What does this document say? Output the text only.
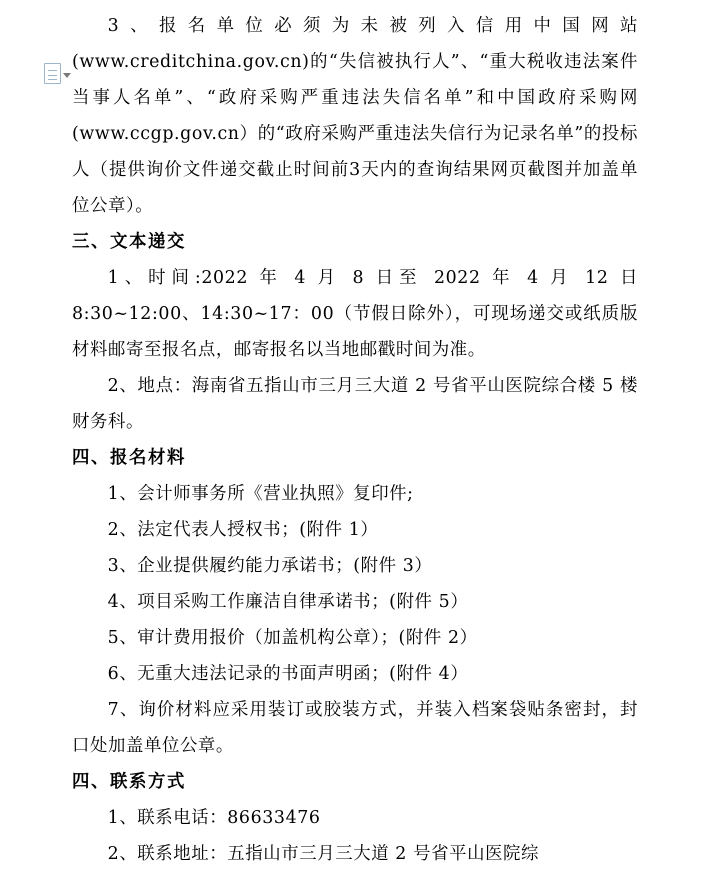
3、报名单位必须为未被列入信用中国网站(www.creditchina.gov.cn)的“失信被执行人”、“重大税收违法案件当事人名单”、“政府采购严重违法失信名单”和中国政府采购网(www.ccgp.gov.cn）的“政府采购严重违法失信行为记录名单”的投标人（提供询价文件递交截止时间前3天内的查询结果网页截图并加盖单位公章）。

三、文本递交

1、时间:2022 年 4 月 8 日至 2022 年 4 月 12 日 8:30~12:00、14:30~17：00（节假日除外），可现场递交或纸质版材料邮寄至报名点，邮寄报名以当地邮戳时间为准。

2、地点：海南省五指山市三月三大道 2 号省平山医院综合楼 5 楼财务科。

四、报名材料

1、会计师事务所《营业执照》复印件;

2、法定代表人授权书；(附件 1）

3、企业提供履约能力承诺书；(附件 3）

4、项目采购工作廉洁自律承诺书；(附件 5）

5、审计费用报价（加盖机构公章）；(附件 2）

6、无重大违法记录的书面声明函；(附件 4）

7、询价材料应采用装订或胶装方式，并装入档案袋贴条密封，封口处加盖单位公章。

四、联系方式

1、联系电话：86633476

2、联系地址：五指山市三月三大道 2 号省平山医院综
